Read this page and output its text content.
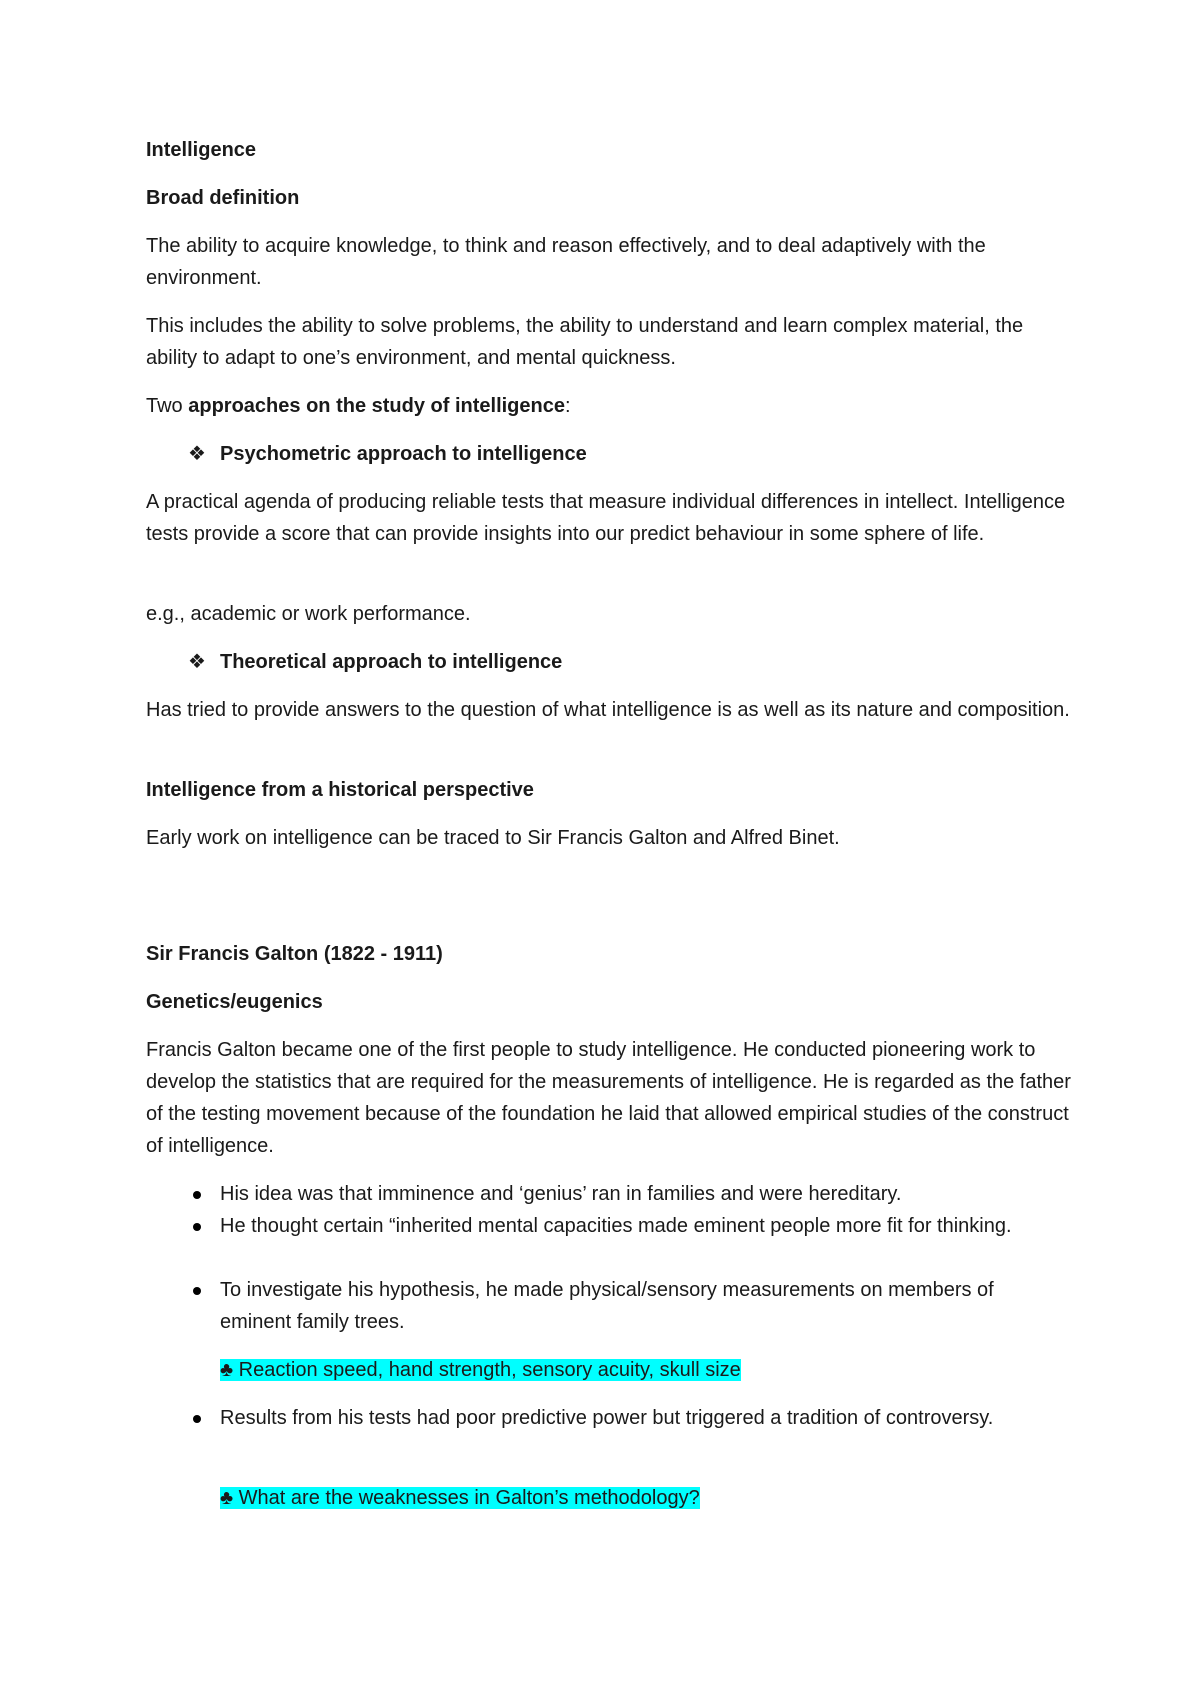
Intelligence
Broad definition
The ability to acquire knowledge, to think and reason effectively, and to deal adaptively with the environment.
This includes the ability to solve problems, the ability to understand and learn complex material, the ability to adapt to one’s environment, and mental quickness.
Two approaches on the study of intelligence:
❖ Psychometric approach to intelligence
A practical agenda of producing reliable tests that measure individual differences in intellect. Intelligence tests provide a score that can provide insights into our predict behaviour in some sphere of life.
e.g., academic or work performance.
❖ Theoretical approach to intelligence
Has tried to provide answers to the question of what intelligence is as well as its nature and composition.
Intelligence from a historical perspective
Early work on intelligence can be traced to Sir Francis Galton and Alfred Binet.
Sir Francis Galton (1822 - 1911)
Genetics/eugenics
Francis Galton became one of the first people to study intelligence. He conducted pioneering work to develop the statistics that are required for the measurements of intelligence. He is regarded as the father of the testing movement because of the foundation he laid that allowed empirical studies of the construct of intelligence.
His idea was that imminence and ‘genius’ ran in families and were hereditary.
He thought certain “inherited mental capacities made eminent people more fit for thinking.
To investigate his hypothesis, he made physical/sensory measurements on members of eminent family trees.
♣ Reaction speed, hand strength, sensory acuity, skull size
Results from his tests had poor predictive power but triggered a tradition of controversy.
♣ What are the weaknesses in Galton’s methodology?
